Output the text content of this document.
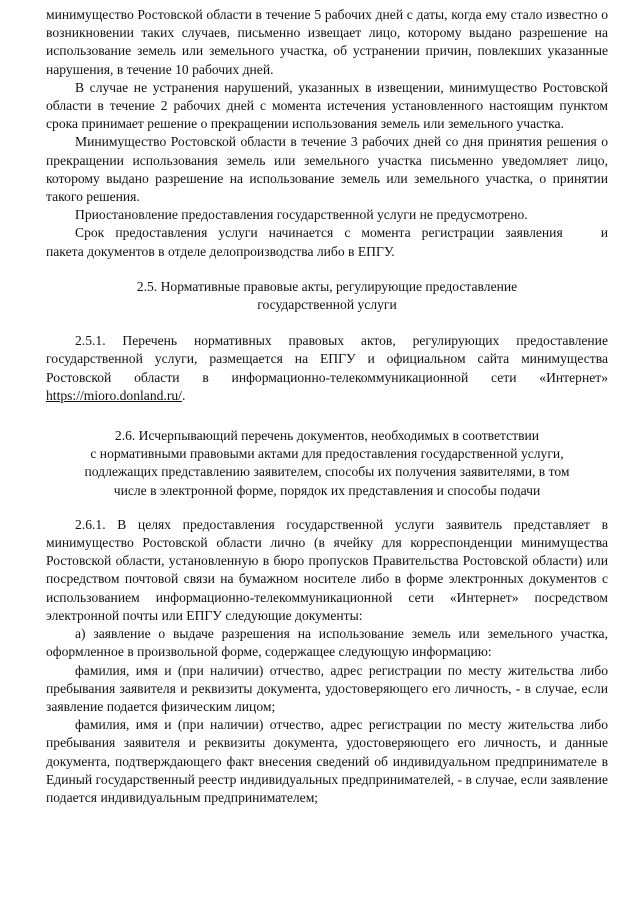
минимущество Ростовской области в течение 5 рабочих дней с даты, когда ему стало известно о возникновении таких случаев, письменно извещает лицо, которому выдано разрешение на использование земель или земельного участка, об устранении причин, повлекших указанные нарушения, в течение 10 рабочих дней.

В случае не устранения нарушений, указанных в извещении, минимущество Ростовской области в течение 2 рабочих дней с момента истечения установленного настоящим пунктом срока принимает решение о прекращении использования земель или земельного участка.

Минимущество Ростовской области в течение 3 рабочих дней со дня принятия решения о прекращении использования земель или земельного участка письменно уведомляет лицо, которому выдано разрешение на использование земель или земельного участка, о принятии такого решения.

Приостановление предоставления государственной услуги не предусмотрено.

Срок предоставления услуги начинается с момента регистрации заявления	и

пакета документов в отделе делопроизводства либо в ЕПГУ.

2.5. Нормативные правовые акты, регулирующие предоставление
государственной услуги

2.5.1. Перечень нормативных правовых актов, регулирующих предоставление государственной услуги, размещается на ЕПГУ и официальном сайта минимущества Ростовской области в информационно-телекоммуникационной сети «Интернет» https://mioro.donland.ru/.

2.6. Исчерпывающий перечень документов, необходимых в соответствии
с нормативными правовыми актами для предоставления государственной услуги,
подлежащих представлению заявителем, способы их получения заявителями, в том
числе в электронной форме, порядок их представления и способы подачи

2.6.1. В целях предоставления государственной услуги заявитель представляет в минимущество Ростовской области лично (в ячейку для корреспонденции минимущества Ростовской области, установленную в бюро пропусков Правительства Ростовской области) или посредством почтовой связи на бумажном носителе либо в форме электронных документов с использованием информационно-телекоммуникационной сети «Интернет» посредством электронной почты или ЕПГУ следующие документы:

а) заявление о выдаче разрешения на использование земель или земельного участка, оформленное в произвольной форме, содержащее следующую информацию:

фамилия, имя и (при наличии) отчество, адрес регистрации по месту жительства либо пребывания заявителя и реквизиты документа, удостоверяющего его личность, - в случае, если заявление подается физическим лицом;

фамилия, имя и (при наличии) отчество, адрес регистрации по месту жительства либо пребывания заявителя и реквизиты документа, удостоверяющего его личность, и данные документа, подтверждающего факт внесения сведений об индивидуальном предпринимателе в Единый государственный реестр индивидуальных предпринимателей, - в случае, если заявление подается индивидуальным предпринимателем;
